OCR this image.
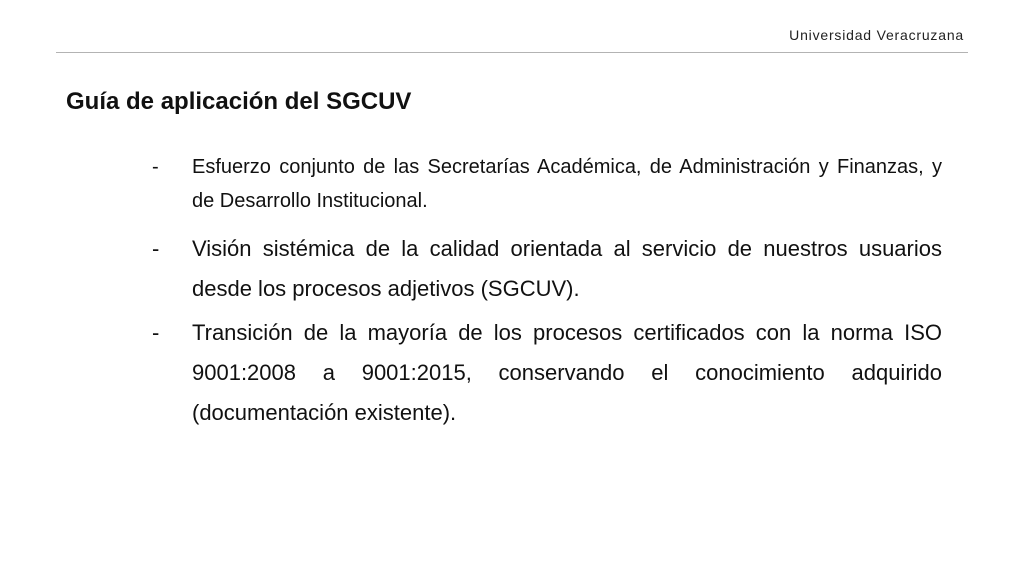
Universidad Veracruzana
Guía de aplicación del SGCUV
-	Esfuerzo conjunto de las Secretarías Académica, de Administración y Finanzas, y de Desarrollo Institucional.
-	Visión sistémica de la calidad orientada al servicio de nuestros usuarios desde los procesos adjetivos (SGCUV).
-	Transición de la mayoría de los procesos certificados con la norma ISO 9001:2008 a 9001:2015, conservando el conocimiento adquirido (documentación existente).
